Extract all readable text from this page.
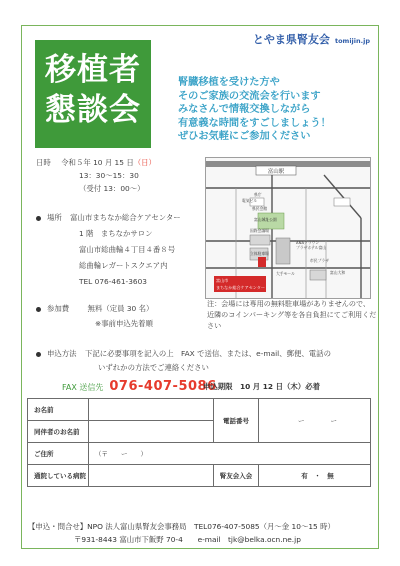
移植者
懇談会
とやま県腎友会 tomijin.jp
腎臓移植を受けた方や
そのご家族の交流会を行います
みなさんで情報交換しながら
有意義な時間をすごしましょう！
ぜひお気軽にご参加ください
日時 令和５年 10 月 15 日（日）
13：30〜15：30
（受付 13：00〜）
場所 富山市まちなか総合ケアセンター
1 階　まちなかサロン
富山市総曲輪４丁目４番８号
総曲輪レガートスクエア内
TEL 076-461-3603
参加費 無料（定員 30 名）
※事前申込先着順
申込方法 下記に必要事項を記入の上　FAX で送信、または、e-mail、郵便、電話の
いずれかの方法でご連絡ください
富山駅
富山市
まちなか総合ケアセンター
県庁
県民会館
富山城址公園
国際会議場
立体駐車場
ANAクラウン
プラザホテル富山
市民プラザ
大手モール	富山大和
電気ビル
注：会場には専用の無料駐車場がありませんので、近隣のコインパーキング等を各自負担にてご利用ください
FAX 送信先 076-407-5086
申込期限　10 月 12 日（木）必着
お名前		電話番号	ー　　　　ー
同伴者のお名前			
ご住所	（〒　　ー　　）		
通院している病院		腎友会入会	有　・　無
【申込・問合せ】NPO 法人富山県腎友会事務局　TEL076-407-5085（月〜金 10〜15 時）
〒931-8443 富山市下飯野 70-4　　e-mail　tjk@belka.ocn.ne.jp
